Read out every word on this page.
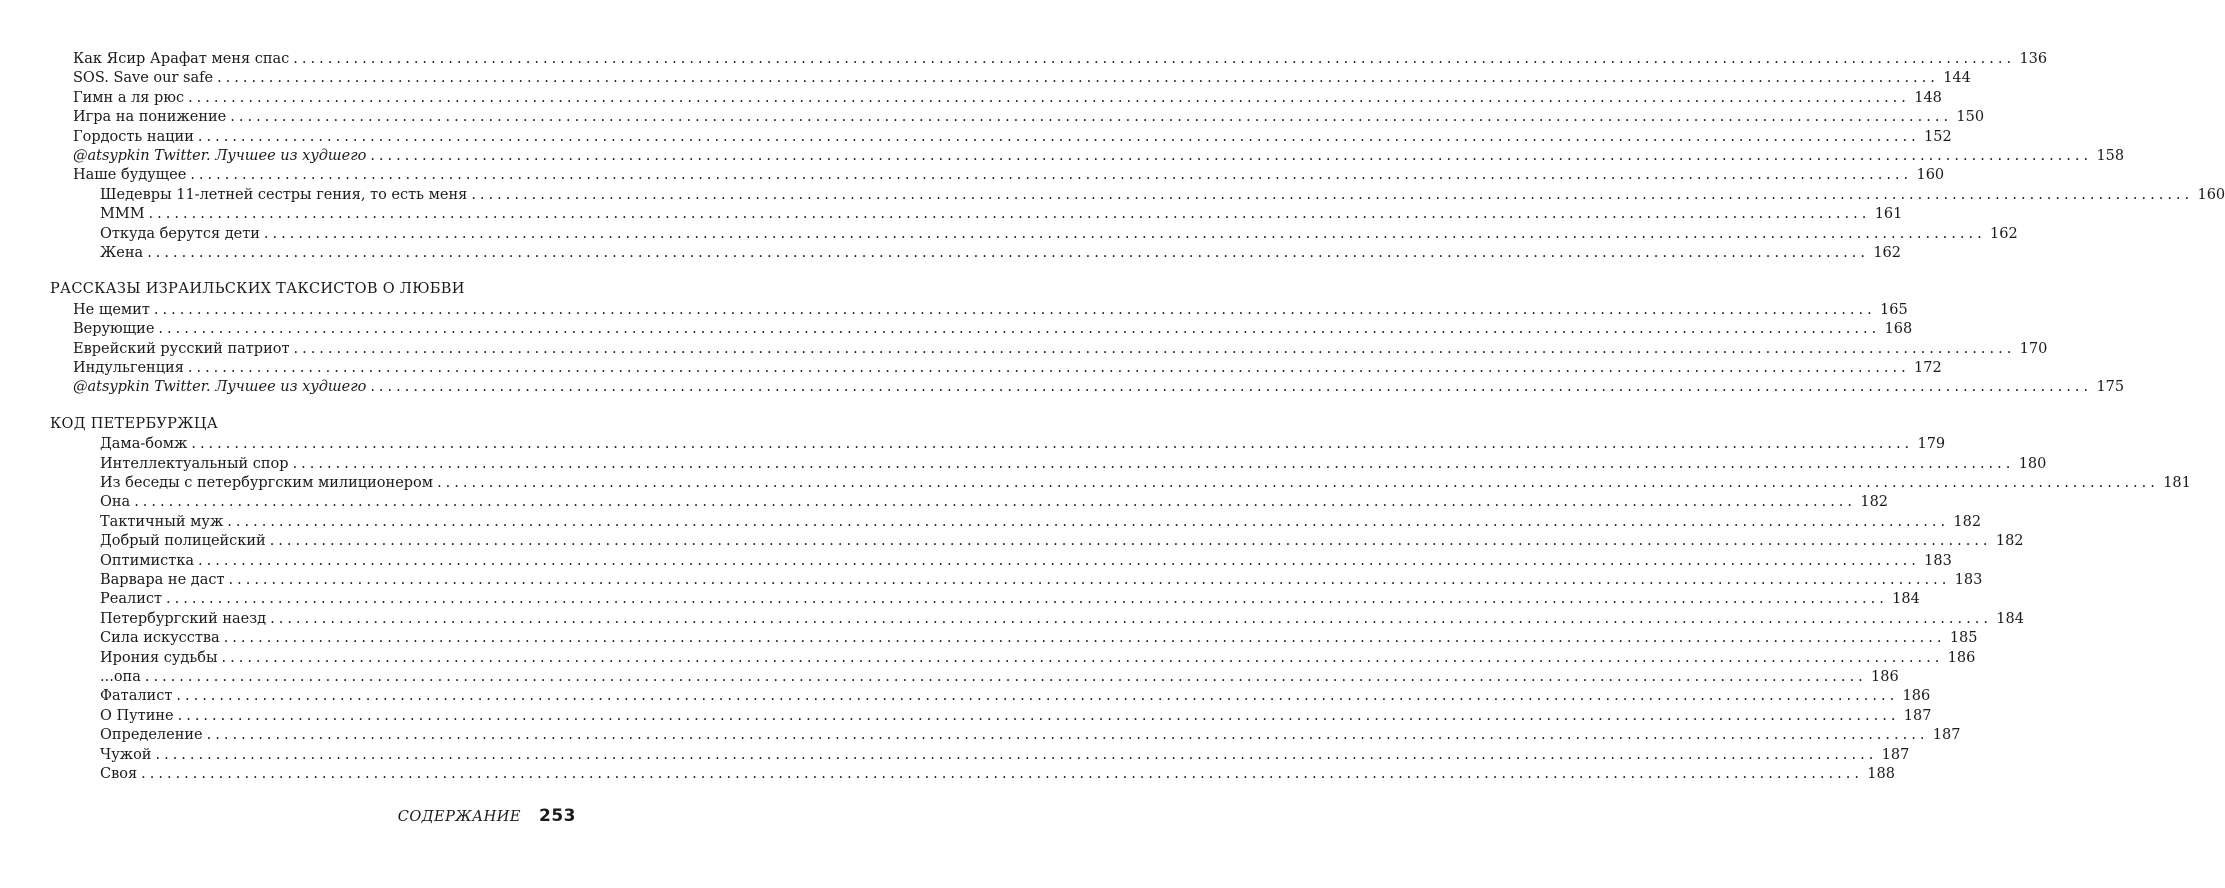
Как Ясир Арафат меня спас ........................................................................................................................................................................................................ 136
SOS. Save our safe ........................................................................................................................................................................................................ 144
Гимн а ля рюс ........................................................................................................................................................................................................ 148
Игра на понижение ........................................................................................................................................................................................................ 150
Гордость нации ........................................................................................................................................................................................................ 152
@atsypkin Twitter. Лучшее из худшего ........................................................................................................................................................................................................ 158
Наше будущее ........................................................................................................................................................................................................ 160
Шедевры 11-летней сестры гения, то есть меня ........................................................................................................................................................................................................ 160
МММ ........................................................................................................................................................................................................ 161
Откуда берутся дети ........................................................................................................................................................................................................ 162
Жена ........................................................................................................................................................................................................ 162
РАССКАЗЫ ИЗРАИЛЬСКИХ ТАКСИСТОВ О ЛЮБВИ
Не щемит ........................................................................................................................................................................................................ 165
Верующие ........................................................................................................................................................................................................ 168
Еврейский русский патриот ........................................................................................................................................................................................................ 170
Индульгенция ........................................................................................................................................................................................................ 172
@atsypkin Twitter. Лучшее из худшего ........................................................................................................................................................................................................ 175
КОД ПЕТЕРБУРЖЦА
Дама-бомж ........................................................................................................................................................................................................ 179
Интеллектуальный спор ........................................................................................................................................................................................................ 180
Из беседы с петербургским милиционером ........................................................................................................................................................................................................ 181
Она ........................................................................................................................................................................................................ 182
Тактичный муж ........................................................................................................................................................................................................ 182
Добрый полицейский ........................................................................................................................................................................................................ 182
Оптимистка ........................................................................................................................................................................................................ 183
Варвара не даст ........................................................................................................................................................................................................ 183
Реалист ........................................................................................................................................................................................................ 184
Петербургский наезд ........................................................................................................................................................................................................ 184
Сила искусства ........................................................................................................................................................................................................ 185
Ирония судьбы ........................................................................................................................................................................................................ 186
...опа ........................................................................................................................................................................................................ 186
Фаталист ........................................................................................................................................................................................................ 186
О Путине ........................................................................................................................................................................................................ 187
Определение ........................................................................................................................................................................................................ 187
Чужой ........................................................................................................................................................................................................ 187
Своя ........................................................................................................................................................................................................ 188
СОДЕРЖАНИЕ 253
